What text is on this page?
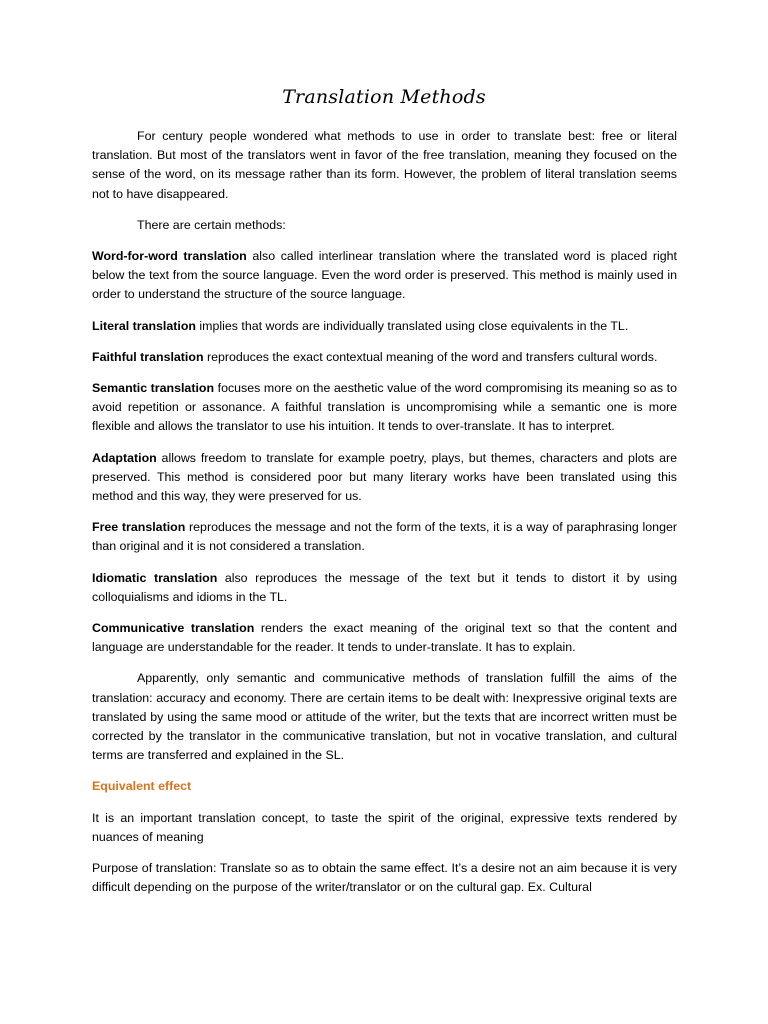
Translation Methods

For century people wondered what methods to use in order to translate best: free or literal translation. But most of the translators went in favor of the free translation, meaning they focused on the sense of the word, on its message rather than its form. However, the problem of literal translation seems not to have disappeared.

There are certain methods:

Word-for-word translation also called interlinear translation where the translated word is placed right below the text from the source language. Even the word order is preserved. This method is mainly used in order to understand the structure of the source language.

Literal translation implies that words are individually translated using close equivalents in the TL.

Faithful translation reproduces the exact contextual meaning of the word and transfers cultural words.

Semantic translation focuses more on the aesthetic value of the word compromising its meaning so as to avoid repetition or assonance. A faithful translation is uncompromising while a semantic one is more flexible and allows the translator to use his intuition. It tends to over-translate. It has to interpret.

Adaptation allows freedom to translate for example poetry, plays, but themes, characters and plots are preserved. This method is considered poor but many literary works have been translated using this method and this way, they were preserved for us.

Free translation reproduces the message and not the form of the texts, it is a way of paraphrasing longer than original and it is not considered a translation.

Idiomatic translation also reproduces the message of the text but it tends to distort it by using colloquialisms and idioms in the TL.

Communicative translation renders the exact meaning of the original text so that the content and language are understandable for the reader. It tends to under-translate. It has to explain.

Apparently, only semantic and communicative methods of translation fulfill the aims of the translation: accuracy and economy. There are certain items to be dealt with: Inexpressive original texts are translated by using the same mood or attitude of the writer, but the texts that are incorrect written must be corrected by the translator in the communicative translation, but not in vocative translation, and cultural terms are transferred and explained in the SL.

Equivalent effect

It is an important translation concept, to taste the spirit of the original, expressive texts rendered by nuances of meaning

Purpose of translation: Translate so as to obtain the same effect. It’s a desire not an aim because it is very difficult depending on the purpose of the writer/translator or on the cultural gap. Ex. Cultural
